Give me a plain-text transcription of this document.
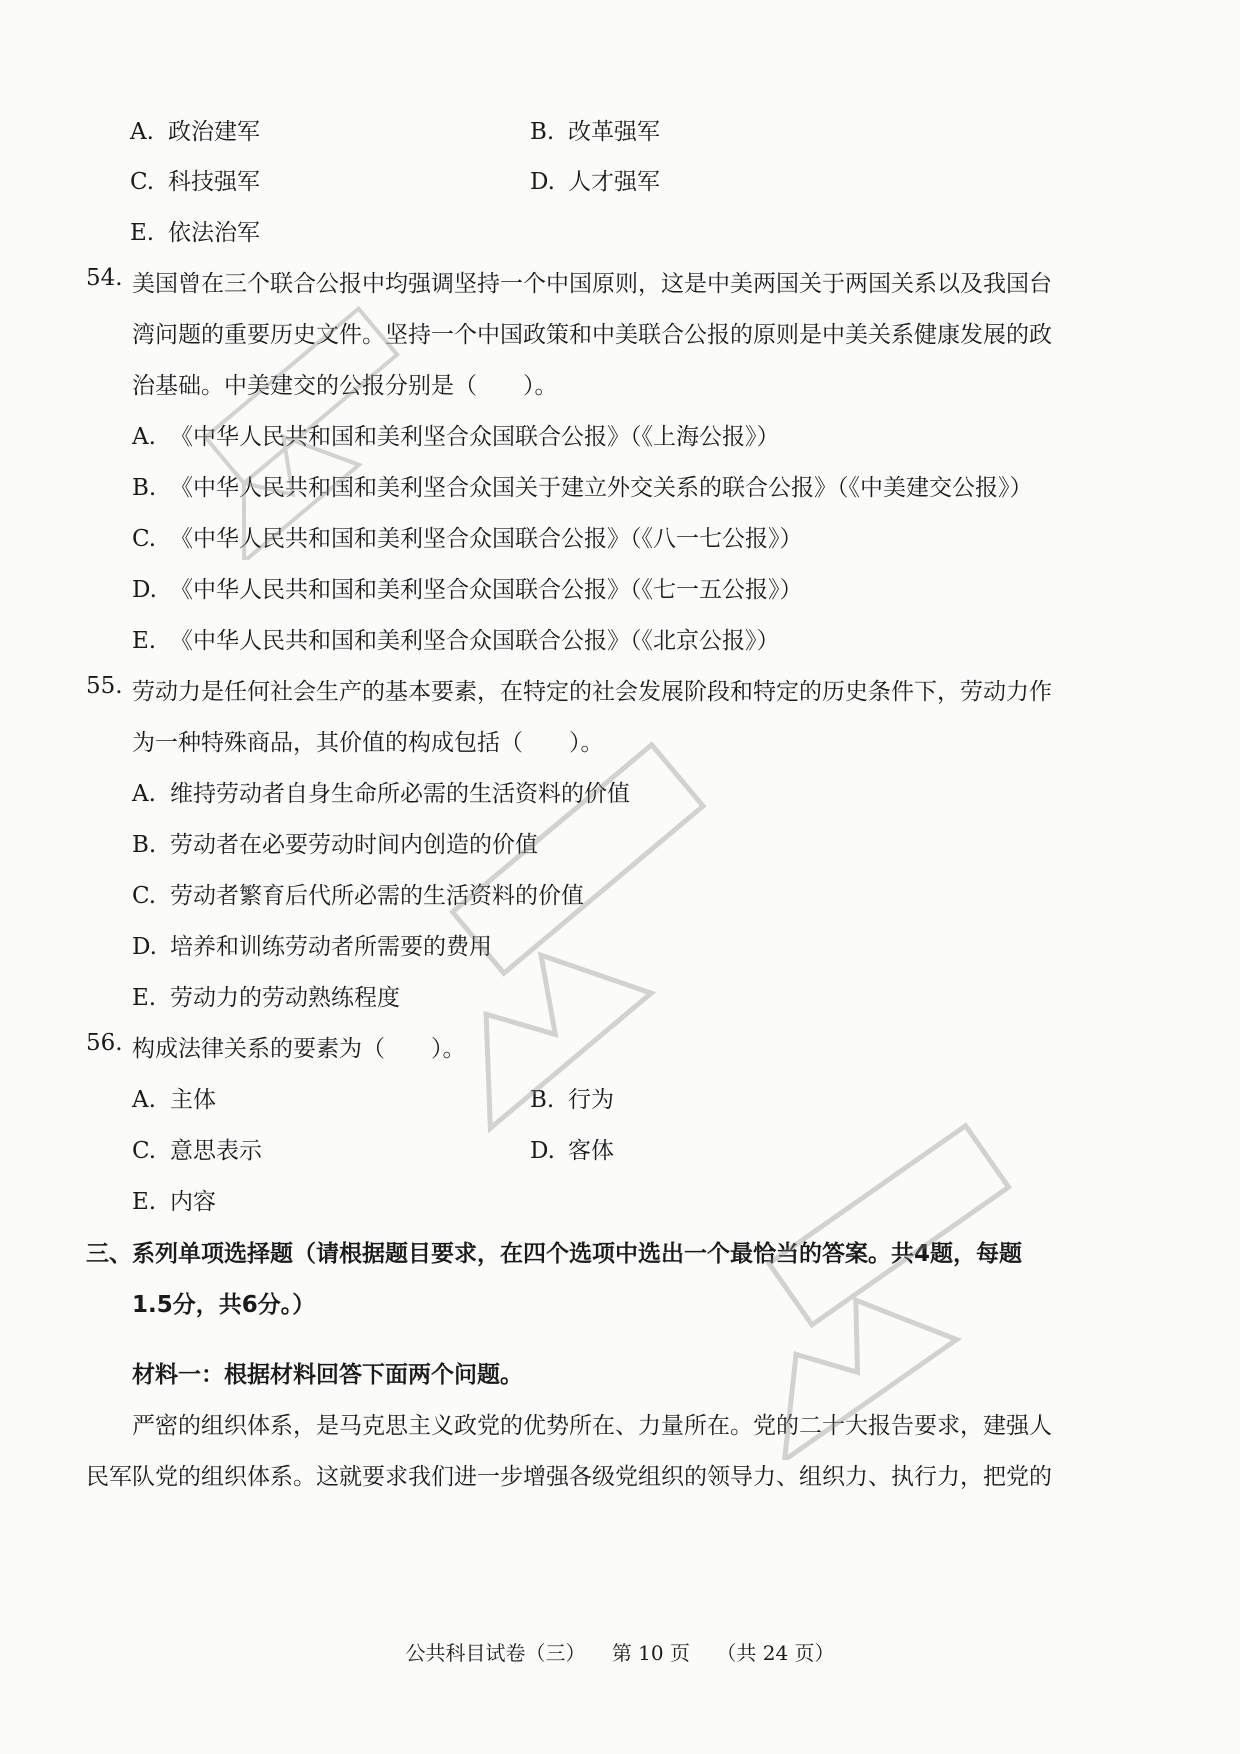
A. 政治建军	B. 改革强军
C. 科技强军	D. 人才强军
E. 依法治军
54. 美国曾在三个联合公报中均强调坚持一个中国原则，这是中美两国关于两国关系以及我国台
湾问题的重要历史文件。坚持一个中国政策和中美联合公报的原则是中美关系健康发展的政
治基础。中美建交的公报分别是（　　）。
A. 《中华人民共和国和美利坚合众国联合公报》（《上海公报》）
B. 《中华人民共和国和美利坚合众国关于建立外交关系的联合公报》（《中美建交公报》）
C. 《中华人民共和国和美利坚合众国联合公报》（《八一七公报》）
D. 《中华人民共和国和美利坚合众国联合公报》（《七一五公报》）
E. 《中华人民共和国和美利坚合众国联合公报》（《北京公报》）
55. 劳动力是任何社会生产的基本要素，在特定的社会发展阶段和特定的历史条件下，劳动力作
为一种特殊商品，其价值的构成包括（　　）。
A. 维持劳动者自身生命所必需的生活资料的价值
B. 劳动者在必要劳动时间内创造的价值
C. 劳动者繁育后代所必需的生活资料的价值
D. 培养和训练劳动者所需要的费用
E. 劳动力的劳动熟练程度
56. 构成法律关系的要素为（　　）。
A. 主体	B. 行为
C. 意思表示	D. 客体
E. 内容
三、系列单项选择题（请根据题目要求，在四个选项中选出一个最恰当的答案。共4题，每题
1.5分，共6分。）
材料一：根据材料回答下面两个问题。
严密的组织体系，是马克思主义政党的优势所在、力量所在。党的二十大报告要求，建强人
民军队党的组织体系。这就要求我们进一步增强各级党组织的领导力、组织力、执行力，把党的
公共科目试卷（三） 第 10 页 （共 24 页）
